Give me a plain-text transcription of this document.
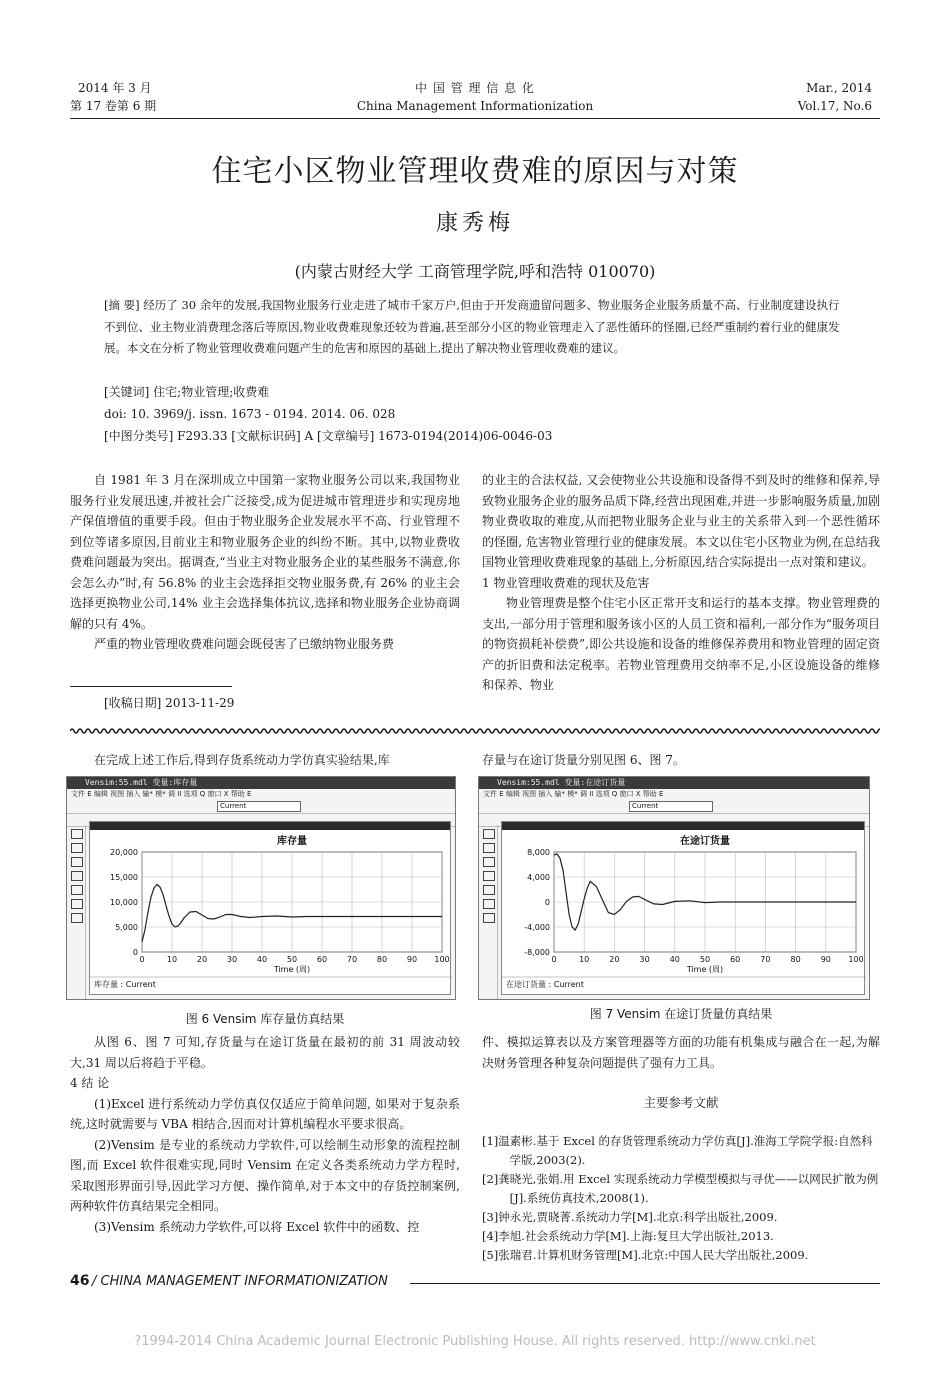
2014 年 3 月
第 17 卷第 6 期
中 国 管 理 信 息 化
China Management Informationization
Mar., 2014
Vol.17, No.6
住宅小区物业管理收费难的原因与对策
康秀梅
(内蒙古财经大学 工商管理学院,呼和浩特 010070)
[摘 要] 经历了 30 余年的发展,我国物业服务行业走进了城市千家万户,但由于开发商遗留问题多、物业服务企业服务质量不高、行业制度建设执行不到位、业主物业消费理念落后等原因,物业收费难现象还较为普遍,甚至部分小区的物业管理走入了恶性循环的怪圈,已经严重制约着行业的健康发展。本文在分析了物业管理收费难问题产生的危害和原因的基础上,提出了解决物业管理收费难的建议。
[关键词] 住宅;物业管理;收费难
doi: 10. 3969/j. issn. 1673 - 0194. 2014. 06. 028
[中图分类号] F293.33 [文献标识码] A [文章编号] 1673-0194(2014)06-0046-03

自 1981 年 3 月在深圳成立中国第一家物业服务公司以来,我国物业服务行业发展迅速,并被社会广泛接受,成为促进城市管理进步和实现房地产保值增值的重要手段。但由于物业服务企业发展水平不高、行业管理不到位等诸多原因,目前业主和物业服务企业的纠纷不断。其中,以物业费收费难问题最为突出。据调查,“当业主对物业服务企业的某些服务不满意,你会怎么办”时,有 56.8% 的业主会选择拒交物业服务费,有 26% 的业主会选择更换物业公司,14% 业主会选择集体抗议,选择和物业服务企业协商调解的只有 4%。

严重的物业管理收费难问题会既侵害了已缴纳物业服务费

[收稿日期] 2013-11-29

的业主的合法权益, 又会使物业公共设施和设备得不到及时的维修和保养,导致物业服务企业的服务品质下降,经营出现困难,并进一步影响服务质量,加剧物业费收取的难度,从而把物业服务企业与业主的关系带入到一个恶性循环的怪圈, 危害物业管理行业的健康发展。本文以住宅小区物业为例,在总结我国物业管理收费难现象的基础上,分析原因,结合实际提出一点对策和建议。

1 物业管理收费难的现状及危害

物业管理费是整个住宅小区正常开支和运行的基本支撑。物业管理费的支出,一部分用于管理和服务该小区的人员工资和福利,一部分作为“服务项目的物资损耗补偿费”,即公共设施和设备的维修保养费用和物业管理的固定资产的折旧费和法定税率。若物业管理费用交纳率不足,小区设施设备的维修和保养、物业

在完成上述工作后,得到存货系统动力学仿真实验结果,库	存量与在途订货量分别见图 6、图 7。

Vensim:55.mdl 变量:库存量
文件 E 编辑 视图 插入 输* 模* 调 II 选项 Q 窗口 X 帮助 E
Current
库存量
0	10 20 30 40 50 60 70 80 90 100
0
5,000
10,000
15,000
20,000
Time (周)
库存量 : Current
图 6 Vensim 库存量仿真结果
Vensim:55.mdl 变量:在途订货量
文件 E 编辑 视图 插入 输* 模* 调 II 选项 Q 窗口 X 帮助 E
Current
在途订货量
0	10	20	30	40	50	60	70	80	90 100
-8,000
-4,000
0
4,000
8,000
Time (周)
在途订货量 : Current
图 7 Vensim 在途订货量仿真结果

从图 6、图 7 可知,存货量与在途订货量在最初的前 31 周波动较大,31 周以后将趋于平稳。

4 结 论

(1)Excel 进行系统动力学仿真仅仅适应于简单问题, 如果对于复杂系统,这时就需要与 VBA 相结合,因而对计算机编程水平要求很高。

(2)Vensim 是专业的系统动力学软件,可以绘制生动形象的流程控制图,而 Excel 软件很难实现,同时 Vensim 在定义各类系统动力学方程时,采取图形界面引导,因此学习方便、操作简单,对于本文中的存货控制案例,两种软件仿真结果完全相同。

(3)Vensim 系统动力学软件,可以将 Excel 软件中的函数、控

件、模拟运算表以及方案管理器等方面的功能有机集成与融合在一起,为解决财务管理各种复杂问题提供了强有力工具。

主要参考文献
[1]温素彬.基于 Excel 的存货管理系统动力学仿真[J].淮海工学院学报:自然科学版,2003(2).
[2]龚晓光,张娟.用 Excel 实现系统动力学模型模拟与寻优——以网民扩散为例[J].系统仿真技术,2008(1).
[3]钟永光,贾晓菁.系统动力学[M].北京:科学出版社,2009.
[4]李旭.社会系统动力学[M].上海:复旦大学出版社,2013.
[5]张瑞君.计算机财务管理[M].北京:中国人民大学出版社,2009.
46 / CHINA MANAGEMENT INFORMATIONIZATION
?1994-2014 China Academic Journal Electronic Publishing House. All rights reserved. http://www.cnki.net
